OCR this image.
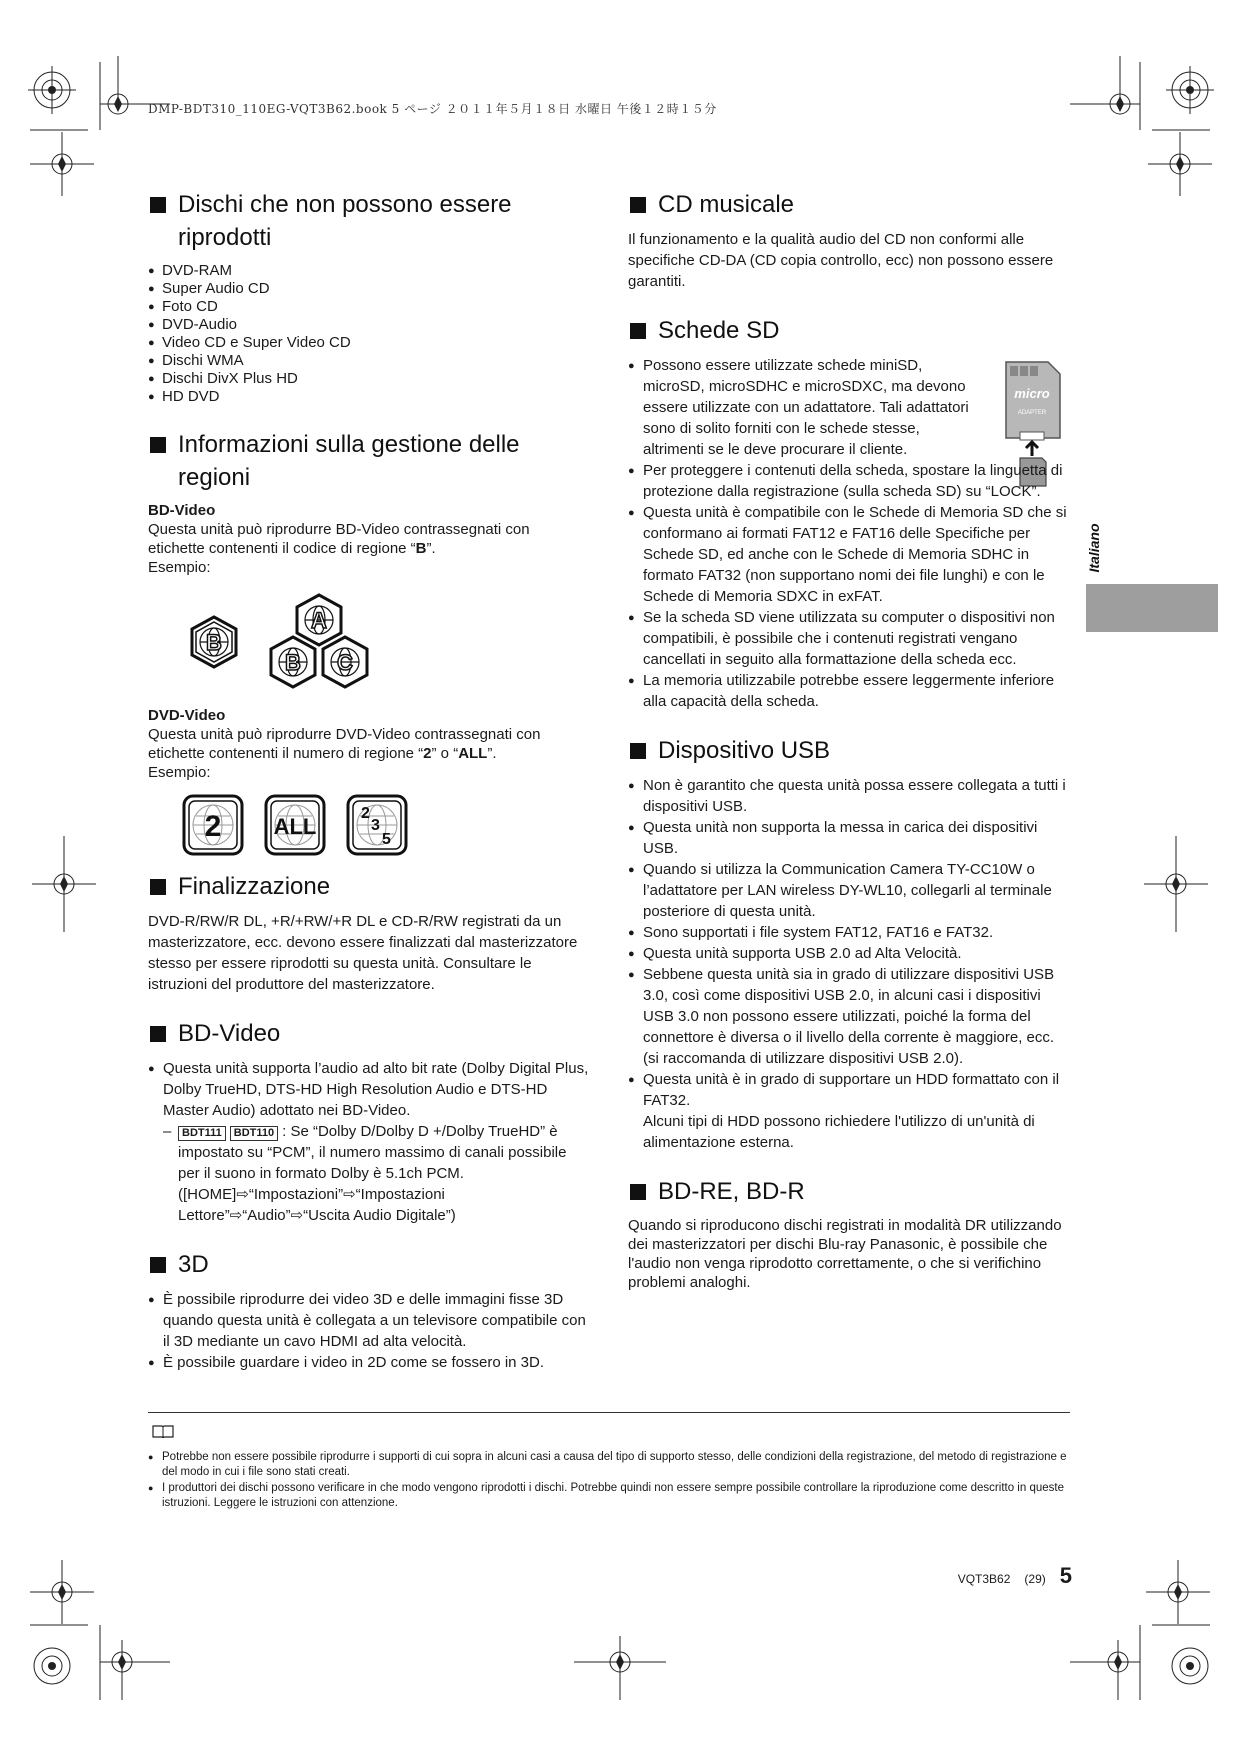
DMP-BDT310_110EG-VQT3B62.book 5 ページ ２０１１年５月１８日 水曜日 午後１２時１５分
Italiano
Dischi che non possono essere riprodotti
● DVD-RAM
● Super Audio CD
● Foto CD
● DVD-Audio
● Video CD e Super Video CD
● Dischi WMA
● Dischi DivX Plus HD
● HD DVD
Informazioni sulla gestione delle regioni
BD-Video

Questa unità può riprodurre BD-Video contrassegnati con etichette contenenti il codice di regione “B”.

Esempio:

B
A
B C
DVD-Video

Questa unità può riprodurre DVD-Video contrassegnati con etichette contenenti il numero di regione “2” o “ALL”.

Esempio:

2 ALL
2
3
5
Finalizzazione

DVD-R/RW/R DL, +R/+RW/+R DL e CD-R/RW registrati da un masterizzatore, ecc. devono essere finalizzati dal masterizzatore stesso per essere riprodotti su questa unità. Consultare le istruzioni del produttore del masterizzatore.

BD-Video
● Questa unità supporta l’audio ad alto bit rate (Dolby Digital Plus, Dolby TrueHD, DTS-HD High Resolution Audio e DTS-HD Master Audio) adottato nei BD-Video.
– BDT111 BDT110 : Se “Dolby D/Dolby D +/Dolby TrueHD” è impostato su “PCM”, il numero massimo di canali possibile per il suono in formato Dolby è 5.1ch PCM. ([HOME]⇨“Impostazioni”⇨“Impostazioni Lettore”⇨“Audio”⇨“Uscita Audio Digitale”)
3D
● È possibile riprodurre dei video 3D e delle immagini fisse 3D quando questa unità è collegata a un televisore compatibile con il 3D mediante un cavo HDMI ad alta velocità.
● È possibile guardare i video in 2D come se fossero in 3D.
CD musicale

Il funzionamento e la qualità audio del CD non conformi alle specifiche CD-DA (CD copia controllo, ecc) non possono essere garantiti.

Schede SD
micro
ADAPTER
● Possono essere utilizzate schede miniSD, microSD, microSDHC e microSDXC, ma devono essere utilizzate con un adattatore. Tali adattatori sono di solito forniti con le schede stesse, altrimenti se le deve procurare il cliente.
● Per proteggere i contenuti della scheda, spostare la linguetta di protezione dalla registrazione (sulla scheda SD) su “LOCK”.
● Questa unità è compatibile con le Schede di Memoria SD che si conformano ai formati FAT12 e FAT16 delle Specifiche per Schede SD, ed anche con le Schede di Memoria SDHC in formato FAT32 (non supportano nomi dei file lunghi) e con le Schede di Memoria SDXC in exFAT.
● Se la scheda SD viene utilizzata su computer o dispositivi non compatibili, è possibile che i contenuti registrati vengano cancellati in seguito alla formattazione della scheda ecc.
● La memoria utilizzabile potrebbe essere leggermente inferiore alla capacità della scheda.
Dispositivo USB
● Non è garantito che questa unità possa essere collegata a tutti i dispositivi USB.
● Questa unità non supporta la messa in carica dei dispositivi USB.
● Quando si utilizza la Communication Camera TY-CC10W o l’adattatore per LAN wireless DY-WL10, collegarli al terminale posteriore di questa unità.
● Sono supportati i file system FAT12, FAT16 e FAT32.
● Questa unità supporta USB 2.0 ad Alta Velocità.
● Sebbene questa unità sia in grado di utilizzare dispositivi USB 3.0, così come dispositivi USB 2.0, in alcuni casi i dispositivi USB 3.0 non possono essere utilizzati, poiché la forma del connettore è diversa o il livello della corrente è maggiore, ecc. (si raccomanda di utilizzare dispositivi USB 2.0).
● Questa unità è in grado di supportare un HDD formattato con il FAT32.
Alcuni tipi di HDD possono richiedere l'utilizzo di un'unità di alimentazione esterna.
BD-RE, BD-R

Quando si riproducono dischi registrati in modalità DR utilizzando dei masterizzatori per dischi Blu-ray Panasonic, è possibile che l'audio non venga riprodotto correttamente, o che si verifichino problemi analoghi.

● Potrebbe non essere possibile riprodurre i supporti di cui sopra in alcuni casi a causa del tipo di supporto stesso, delle condizioni della registrazione, del metodo di registrazione e del modo in cui i file sono stati creati.
● I produttori dei dischi possono verificare in che modo vengono riprodotti i dischi. Potrebbe quindi non essere sempre possibile controllare la riproduzione come descritto in queste istruzioni. Leggere le istruzioni con attenzione.
VQT3B62 (29) 5
